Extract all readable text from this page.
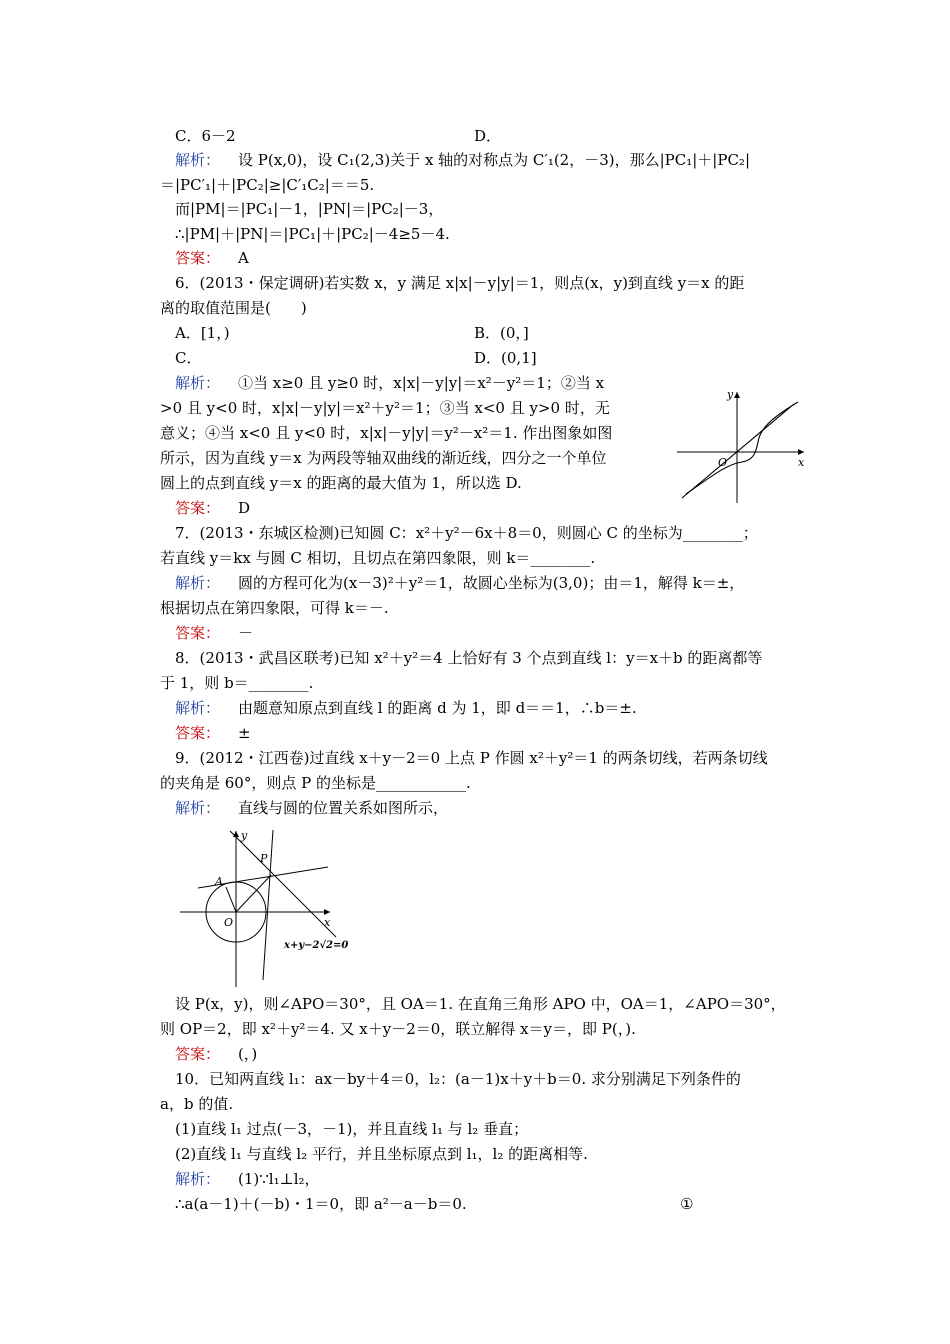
C．6－2	D．
解析： 设 P(x,0)，设 C₁(2,3)关于 x 轴的对称点为 C′₁(2，－3)，那么|PC₁|＋|PC₂|
＝|PC′₁|＋|PC₂|≥|C′₁C₂|＝＝5.
而|PM|＝|PC₁|－1，|PN|＝|PC₂|－3，
∴|PM|＋|PN|＝|PC₁|＋|PC₂|－4≥5－4.
答案： A
6．(2013・保定调研)若实数 x，y 满足 x|x|－y|y|＝1，则点(x，y)到直线 y＝x 的距
离的取值范围是(　　)
A．[1，)	B．(0，]
C．	D．(0,1]
解析： ①当 x≥0 且 y≥0 时，x|x|－y|y|＝x²－y²＝1；②当 x
>0 且 y<0 时，x|x|－y|y|＝x²＋y²＝1；③当 x<0 且 y>0 时，无
意义；④当 x<0 且 y<0 时，x|x|－y|y|＝y²－x²＝1. 作出图象如图
所示，因为直线 y＝x 为两段等轴双曲线的渐近线，四分之一个单位
圆上的点到直线 y＝x 的距离的最大值为 1，所以选 D.
答案： D
x
y
O
7．(2013・东城区检测)已知圆 C：x²＋y²－6x＋8＝0，则圆心 C 的坐标为________；
若直线 y＝kx 与圆 C 相切，且切点在第四象限，则 k＝________.
解析： 圆的方程可化为(x－3)²＋y²＝1，故圆心坐标为(3,0)；由＝1，解得 k＝±，
根据切点在第四象限，可得 k＝－.
答案： －
8．(2013・武昌区联考)已知 x²＋y²＝4 上恰好有 3 个点到直线 l：y＝x＋b 的距离都等
于 1，则 b＝________.
解析： 由题意知原点到直线 l 的距离 d 为 1，即 d＝＝1，∴b＝±.
答案： ±
9．(2012・江西卷)过直线 x＋y－2＝0 上点 P 作圆 x²＋y²＝1 的两条切线，若两条切线
的夹角是 60°，则点 P 的坐标是____________.
解析： 直线与圆的位置关系如图所示，
y
P
A
O	x
x+y−2√2=0
设 P(x，y)，则∠APO＝30°，且 OA＝1. 在直角三角形 APO 中，OA＝1，∠APO＝30°，
则 OP＝2，即 x²＋y²＝4. 又 x＋y－2＝0，联立解得 x＝y＝，即 P(，).
答案： (，)
10．已知两直线 l₁：ax－by＋4＝0，l₂：(a－1)x＋y＋b＝0. 求分别满足下列条件的
a，b 的值.
(1)直线 l₁ 过点(－3，－1)，并且直线 l₁ 与 l₂ 垂直；
(2)直线 l₁ 与直线 l₂ 平行，并且坐标原点到 l₁，l₂ 的距离相等.
解析： (1)∵l₁⊥l₂，
∴a(a－1)＋(－b)・1＝0，即 a²－a－b＝0.	①
